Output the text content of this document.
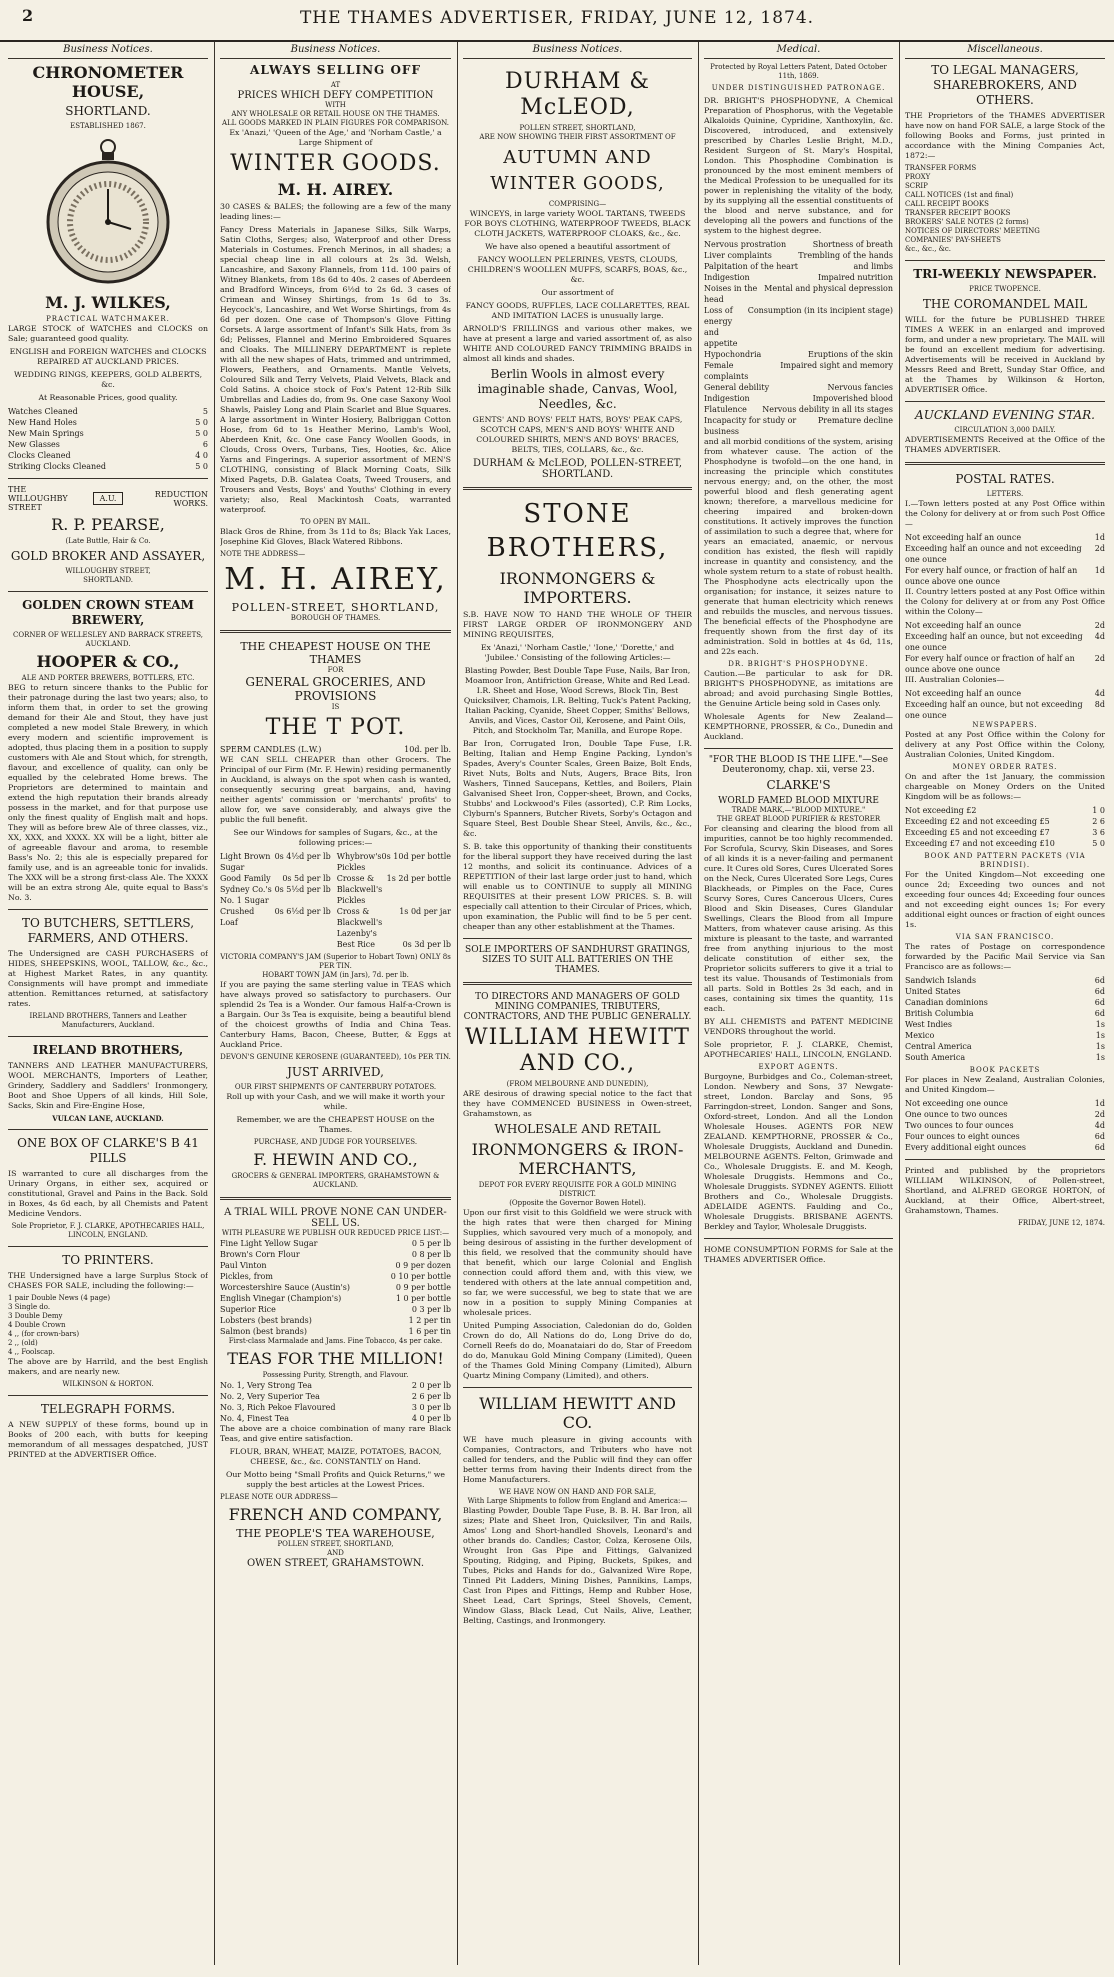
2	THE THAMES ADVERTISER, FRIDAY, JUNE 12, 1874.
Business Notices.
CHRONOMETER HOUSE,
SHORTLAND.
ESTABLISHED 1867.
M. J. WILKES,
PRACTICAL WATCHMAKER.

LARGE STOCK of WATCHES and CLOCKS on Sale; guaranteed good quality.

ENGLISH and FOREIGN WATCHES and CLOCKS REPAIRED AT AUCKLAND PRICES.

WEDDING RINGS, KEEPERS, GOLD ALBERTS, &c.

At Reasonable Prices, good quality.

Watches Cleaned	5
New Hand Holes	5 0
New Main Springs	5 0
New Glasses	6
Clocks Cleaned	4 0
Striking Clocks Cleaned	5 0
THE WILLOUGHBY STREET
A.U.	REDUCTION WORKS.
R. P. PEARSE,
(Late Buttle, Hair & Co.
GOLD BROKER AND ASSAYER,
WILLOUGHBY STREET,
SHORTLAND.
GOLDEN CROWN STEAM BREWERY,
CORNER OF WELLESLEY AND BARRACK STREETS, AUCKLAND.
HOOPER & CO.,
ALE AND PORTER BREWERS, BOTTLERS, ETC.

BEG to return sincere thanks to the Public for their patronage during the last two years; also, to inform them that, in order to set the growing demand for their Ale and Stout, they have just completed a new model Stale Brewery, in which every modern and scientific improvement is adopted, thus placing them in a position to supply customers with Ale and Stout which, for strength, flavour, and excellence of quality, can only be equalled by the celebrated Home brews. The Proprietors are determined to maintain and extend the high reputation their brands already possess in the market, and for that purpose use only the finest quality of English malt and hops. They will as before brew Ale of three classes, viz., XX, XXX, and XXXX. XX will be a light, bitter ale of agreeable flavour and aroma, to resemble Bass's No. 2; this ale is especially prepared for family use, and is an agreeable tonic for invalids. The XXX will be a strong first-class Ale. The XXXX will be an extra strong Ale, quite equal to Bass's No. 3.

TO BUTCHERS, SETTLERS, FARMERS, AND OTHERS.

The Undersigned are CASH PURCHASERS of HIDES, SHEEPSKINS, WOOL, TALLOW, &c., &c., at Highest Market Rates, in any quantity. Consignments will have prompt and immediate attention. Remittances returned, at satisfactory rates.

IRELAND BROTHERS, Tanners and Leather Manufacturers, Auckland.

IRELAND BROTHERS,

TANNERS AND LEATHER MANUFACTURERS, WOOL MERCHANTS, Importers of Leather, Grindery, Saddlery and Saddlers' Ironmongery, Boot and Shoe Uppers of all kinds, Hill Sole, Sacks, Skin and Fire-Engine Hose,

VULCAN LANE, AUCKLAND.
ONE BOX OF CLARKE'S B 41 PILLS

IS warranted to cure all discharges from the Urinary Organs, in either sex, acquired or constitutional, Gravel and Pains in the Back. Sold in Boxes, 4s 6d each, by all Chemists and Patent Medicine Vendors.

Sole Proprietor, F. J. CLARKE, APOTHECARIES HALL, LINCOLN, ENGLAND.

TO PRINTERS.

THE Undersigned have a large Surplus Stock of CHASES FOR SALE, including the following:—

1 pair Double News (4 page)
3 Single do.
3 Double Demy
4 Double Crown
4 ,, (for crown-bars)
2 ,, (old)
4 ,, Foolscap.

The above are by Harrild, and the best English makers, and are nearly new.

WILKINSON & HORTON.

TELEGRAPH FORMS.

A NEW SUPPLY of these forms, bound up in Books of 200 each, with butts for keeping memorandum of all messages despatched, JUST PRINTED at the ADVERTISER Office.

Business Notices.
ALWAYS SELLING OFF
AT
PRICES WHICH DEFY COMPETITION
WITH
ANY WHOLESALE OR RETAIL HOUSE ON THE THAMES.
ALL GOODS MARKED IN PLAIN FIGURES FOR COMPARISON.

Ex 'Anazi,' 'Queen of the Age,' and 'Norham Castle,' a Large Shipment of

WINTER GOODS.
M. H. AIREY.

30 CASES & BALES; the following are a few of the many leading lines:—

Fancy Dress Materials in Japanese Silks, Silk Warps, Satin Cloths, Serges; also, Waterproof and other Dress Materials in Costumes. French Merinos, in all shades; a special cheap line in all colours at 2s 3d. Welsh, Lancashire, and Saxony Flannels, from 11d. 100 pairs of Witney Blankets, from 18s 6d to 40s. 2 cases of Aberdeen and Bradford Winceys, from 6½d to 2s 6d. 3 cases of Crimean and Winsey Shirtings, from 1s 6d to 3s. Heycock's, Lancashire, and Wet Worse Shirtings, from 4s 6d per dozen. One case of Thompson's Glove Fitting Corsets. A large assortment of Infant's Silk Hats, from 3s 6d; Pelisses, Flannel and Merino Embroidered Squares and Cloaks. The MILLINERY DEPARTMENT is replete with all the new shapes of Hats, trimmed and untrimmed, Flowers, Feathers, and Ornaments. Mantle Velvets, Coloured Silk and Terry Velvets, Plaid Velvets, Black and Cold Satins. A choice stock of Fox's Patent 12-Rib Silk Umbrellas and Ladies do, from 9s. One case Saxony Wool Shawls, Paisley Long and Plain Scarlet and Blue Squares. A large assortment in Winter Hosiery, Balbriggan Cotton Hose, from 6d to 1s Heather Merino, Lamb's Wool, Aberdeen Knit, &c. One case Fancy Woollen Goods, in Clouds, Cross Overs, Turbans, Ties, Hooties, &c. Alice Yarns and Fingerings. A superior assortment of MEN'S CLOTHING, consisting of Black Morning Coats, Silk Mixed Pagets, D.B. Galatea Coats, Tweed Trousers, and Trousers and Vests, Boys' and Youths' Clothing in every variety; also, Real Mackintosh Coats, warranted waterproof.

TO OPEN BY MAIL.

Black Gros de Rhine, from 3s 11d to 8s; Black Yak Laces, Josephine Kid Gloves, Black Watered Ribbons.

NOTE THE ADDRESS—
M. H. AIREY,
POLLEN-STREET, SHORTLAND,
BOROUGH OF THAMES.
THE CHEAPEST HOUSE ON THE THAMES
FOR
GENERAL GROCERIES, AND PROVISIONS
IS
THE T POT.
SPERM CANDLES (L.W.)	10d. per lb.

WE CAN SELL CHEAPER than other Grocers. The Principal of our Firm (Mr. F. Hewin) residing permanently in Auckland, is always on the spot when cash is wanted, consequently securing great bargains, and, having neither agents' commission or 'merchants' profits' to allow for, we save considerably, and always give the public the full benefit.

See our Windows for samples of Sugars, &c., at the following prices:—

Light Brown Sugar
0s 4½d per lb
Good Family 0s 5d per lb
Sydney Co.'s No. 1 Sugar
0s 5½d per lb
Crushed Loaf
0s 6½d per lb
Whybrow's Pickles
0s 10d per bottle
Crosse & Blackwell's Pickles
1s 2d per bottle
Cross & Blackwell's Lazenby's
1s 0d per jar
Best Rice	0s 3d per lb
VICTORIA COMPANY'S JAM (Superior to Hobart Town) ONLY 8s PER TIN.
HOBART TOWN JAM (in Jars), 7d. per lb.

If you are paying the same sterling value in TEAS which have always proved so satisfactory to purchasers. Our splendid 2s Tea is a Wonder. Our famous Half-a-Crown is a Bargain. Our 3s Tea is exquisite, being a beautiful blend of the choicest growths of India and China Teas. Canterbury Hams, Bacon, Cheese, Butter, & Eggs at Auckland Price.

DEVON'S GENUINE KEROSENE (GUARANTEED), 10s PER TIN.
JUST ARRIVED,
OUR FIRST SHIPMENTS OF CANTERBURY POTATOES.

Roll up with your Cash, and we will make it worth your while.

Remember, we are the CHEAPEST HOUSE on the Thames.

PURCHASE, AND JUDGE FOR YOURSELVES.
F. HEWIN AND CO.,
GROCERS & GENERAL IMPORTERS, GRAHAMSTOWN & AUCKLAND.
A TRIAL WILL PROVE NONE CAN UNDER-SELL US.
WITH PLEASURE WE PUBLISH OUR REDUCED PRICE LIST:—
Fine Light Yellow Sugar	0 5 per lb
Brown's Corn Flour	0 8 per lb
Paul Vinton	0 9 per dozen
Pickles, from	0 10 per bottle
Worcestershire Sauce (Austin's)	0 9 per bottle
English Vinegar (Champion's)	1 0 per bottle
Superior Rice	0 3 per lb
Lobsters (best brands)	1 2 per tin
Salmon (best brands)	1 6 per tin
First-class Marmalade and Jams. Fine Tobacco, 4s per cake.
TEAS FOR THE MILLION!
Possessing Purity, Strength, and Flavour.
No. 1, Very Strong Tea	2 0 per lb
No. 2, Very Superior Tea	2 6 per lb
No. 3, Rich Pekoe Flavoured	3 0 per lb
No. 4, Finest Tea	4 0 per lb

The above are a choice combination of many rare Black Teas, and give entire satisfaction.

FLOUR, BRAN, WHEAT, MAIZE, POTATOES, BACON, CHEESE, &c., &c. CONSTANTLY on Hand.

Our Motto being "Small Profits and Quick Returns," we supply the best articles at the Lowest Prices.

PLEASE NOTE OUR ADDRESS—
FRENCH AND COMPANY,
THE PEOPLE'S TEA WAREHOUSE,
POLLEN STREET, SHORTLAND,
AND
OWEN STREET, GRAHAMSTOWN.
Business Notices.
DURHAM & McLEOD,
POLLEN STREET, SHORTLAND,
ARE NOW SHOWING THEIR FIRST ASSORTMENT OF
AUTUMN AND WINTER GOODS,
COMPRISING—

WINCEYS, in large variety WOOL TARTANS, TWEEDS FOR BOYS CLOTHING, WATERPROOF TWEEDS, BLACK CLOTH JACKETS, WATERPROOF CLOAKS, &c., &c.

We have also opened a beautiful assortment of

FANCY WOOLLEN PELERINES, VESTS, CLOUDS, CHILDREN'S WOOLLEN MUFFS, SCARFS, BOAS, &c., &c.

Our assortment of

FANCY GOODS, RUFFLES, LACE COLLARETTES, REAL AND IMITATION LACES is unusually large.

ARNOLD'S FRILLINGS and various other makes, we have at present a large and varied assortment of, as also WHITE AND COLOURED FANCY TRIMMING BRAIDS in almost all kinds and shades.

Berlin Wools in almost every imaginable shade, Canvas, Wool, Needles, &c.

GENTS' AND BOYS' FELT HATS, BOYS' PEAK CAPS, SCOTCH CAPS, MEN'S AND BOYS' WHITE AND COLOURED SHIRTS, MEN'S AND BOYS' BRACES, BELTS, TIES, COLLARS, &c., &c.

DURHAM & McLEOD, POLLEN-STREET, SHORTLAND.
STONE BROTHERS,
IRONMONGERS & IMPORTERS.

S.B. HAVE NOW TO HAND THE WHOLE OF THEIR FIRST LARGE ORDER OF IRONMONGERY AND MINING REQUISITES,

Ex 'Anazi,' 'Norham Castle,' 'Ione,' 'Dorette,' and 'Jubilee.' Consisting of the following Articles:—

Blasting Powder, Best Double Tape Fuse, Nails, Bar Iron, Moamoor Iron, Antifriction Grease, White and Red Lead. I.R. Sheet and Hose, Wood Screws, Block Tin, Best Quicksilver, Chamois, I.R. Belting, Tuck's Patent Packing, Italian Packing, Cyanide, Sheet Copper, Smiths' Bellows, Anvils, and Vices, Castor Oil, Kerosene, and Paint Oils, Pitch, and Stockholm Tar, Manilla, and Europe Rope.

Bar Iron, Corrugated Iron, Double Tape Fuse, I.R. Belting, Italian and Hemp Engine Packing, Lyndon's Spades, Avery's Counter Scales, Green Baize, Bolt Ends, Rivet Nuts, Bolts and Nuts, Augers, Brace Bits, Iron Washers, Tinned Saucepans, Kettles, and Boilers, Plain Galvanised Sheet Iron, Copper-sheet, Brown, and Cocks, Stubbs' and Lockwood's Files (assorted), C.P. Rim Locks, Clyburn's Spanners, Butcher Rivets, Sorby's Octagon and Square Steel, Best Double Shear Steel, Anvils, &c., &c., &c.

S. B. take this opportunity of thanking their constituents for the liberal support they have received during the last 12 months, and solicit its continuance. Advices of a REPETITION of their last large order just to hand, which will enable us to CONTINUE to supply all MINING REQUISITES at their present LOW PRICES. S. B. will especially call attention to their Circular of Prices, which, upon examination, the Public will find to be 5 per cent. cheaper than any other establishment at the Thames.

SOLE IMPORTERS OF SANDHURST GRATINGS, SIZES TO SUIT ALL BATTERIES ON THE THAMES.
TO DIRECTORS AND MANAGERS OF GOLD MINING COMPANIES, TRIBUTERS, CONTRACTORS, AND THE PUBLIC GENERALLY.
WILLIAM HEWITT AND CO.,
(FROM MELBOURNE AND DUNEDIN),

ARE desirous of drawing special notice to the fact that they have COMMENCED BUSINESS in Owen-street, Grahamstown, as

WHOLESALE AND RETAIL
IRONMONGERS & IRON-MERCHANTS,
DEPOT FOR EVERY REQUISITE FOR A GOLD MINING DISTRICT.
(Opposite the Governor Bowen Hotel).

Upon our first visit to this Goldfield we were struck with the high rates that were then charged for Mining Supplies, which savoured very much of a monopoly, and being desirous of assisting in the further development of this field, we resolved that the community should have that benefit, which our large Colonial and English connection could afford them and, with this view, we tendered with others at the late annual competition and, so far, we were successful, we beg to state that we are now in a position to supply Mining Companies at wholesale prices.

United Pumping Association, Caledonian do do, Golden Crown do do, All Nations do do, Long Drive do do, Cornell Reefs do do, Moanataiari do do, Star of Freedom do do, Manukau Gold Mining Company (Limited), Queen of the Thames Gold Mining Company (Limited), Alburn Quartz Mining Company (Limited), and others.

WILLIAM HEWITT AND CO.

WE have much pleasure in giving accounts with Companies, Contractors, and Tributers who have not called for tenders, and the Public will find they can offer better terms from having their Indents direct from the Home Manufacturers.

WE HAVE NOW ON HAND AND FOR SALE,
With Large Shipments to follow from England and America:—

Blasting Powder, Double Tape Fuse, B. B. H. Bar Iron, all sizes; Plate and Sheet Iron, Quicksilver, Tin and Rails, Amos' Long and Short-handled Shovels, Leonard's and other brands do. Candles; Castor, Colza, Kerosene Oils, Wrought Iron Gas Pipe and Fittings, Galvanized Spouting, Ridging, and Piping, Buckets, Spikes, and Tubes, Picks and Hands for do., Galvanized Wire Rope, Tinned Pit Ladders, Mining Dishes, Pannikins, Lamps, Cast Iron Pipes and Fittings, Hemp and Rubber Hose, Sheet Lead, Cart Springs, Steel Shovels, Cement, Window Glass, Black Lead, Cut Nails, Alive, Leather, Belting, Castings, and Ironmongery.

Medical.
Protected by Royal Letters Patent, Dated October 11th, 1869.
UNDER DISTINGUISHED PATRONAGE.

DR. BRIGHT'S PHOSPHODYNE, A Chemical Preparation of Phosphorus, with the Vegetable Alkaloids Quinine, Cypridine, Xanthoxylin, &c. Discovered, introduced, and extensively prescribed by Charles Leslie Bright, M.D., Resident Surgeon of St. Mary's Hospital, London. This Phosphodine Combination is pronounced by the most eminent members of the Medical Profession to be unequalled for its power in replenishing the vitality of the body, by its supplying all the essential constituents of the blood and nerve substance, and for developing all the powers and functions of the system to the highest degree.

Nervous prostration	Shortness of breath
Liver complaints	Trembling of the hands
Palpitation of the heart	and limbs
Indigestion	Impaired nutrition
Noises in the head
Mental and physical depression
Loss of energy and appetite
Consumption (in its incipient stage)
Hypochondria	Eruptions of the skin
Female complaints
Impaired sight and memory
General debility	Nervous fancies
Indigestion	Impoverished blood
Flatulence Nervous debility in all its stages
Incapacity for study or business
Premature decline

and all morbid conditions of the system, arising from whatever cause. The action of the Phosphodyne is twofold—on the one hand, in increasing the principle which constitutes nervous energy; and, on the other, the most powerful blood and flesh generating agent known; therefore, a marvellous medicine for cheering impaired and broken-down constitutions. It actively improves the function of assimilation to such a degree that, where for years an emaciated, anaemic, or nervous condition has existed, the flesh will rapidly increase in quantity and consistency, and the whole system return to a state of robust health. The Phosphodyne acts electrically upon the organisation; for instance, it seizes nature to generate that human electricity which renews and rebuilds the muscles, and nervous tissues. The beneficial effects of the Phosphodyne are frequently shown from the first day of its administration. Sold in bottles at 4s 6d, 11s, and 22s each.

DR. BRIGHT'S PHOSPHODYNE.

Caution.—Be particular to ask for DR. BRIGHT'S PHOSPHODYNE, as imitations are abroad; and avoid purchasing Single Bottles, the Genuine Article being sold in Cases only.

Wholesale Agents for New Zealand—KEMPTHORNE, PROSSER, & Co., Dunedin and Auckland.

"FOR THE BLOOD IS THE LIFE."—See Deuteronomy, chap. xii, verse 23.
CLARKE'S
WORLD FAMED BLOOD MIXTURE
TRADE MARK,—"BLOOD MIXTURE."
THE GREAT BLOOD PURIFIER & RESTORER

For cleansing and clearing the blood from all impurities, cannot be too highly recommended. For Scrofula, Scurvy, Skin Diseases, and Sores of all kinds it is a never-failing and permanent cure. It Cures old Sores, Cures Ulcerated Sores on the Neck, Cures Ulcerated Sore Legs, Cures Blackheads, or Pimples on the Face, Cures Scurvy Sores, Cures Cancerous Ulcers, Cures Blood and Skin Diseases, Cures Glandular Swellings, Clears the Blood from all Impure Matters, from whatever cause arising. As this mixture is pleasant to the taste, and warranted free from anything injurious to the most delicate constitution of either sex, the Proprietor solicits sufferers to give it a trial to test its value. Thousands of Testimonials from all parts. Sold in Bottles 2s 3d each, and in cases, containing six times the quantity, 11s each.

BY ALL CHEMISTS and PATENT MEDICINE VENDORS throughout the world.

Sole proprietor, F. J. CLARKE, Chemist, APOTHECARIES' HALL, LINCOLN, ENGLAND.

EXPORT AGENTS.

Burgoyne, Burbidges and Co., Coleman-street, London. Newbery and Sons, 37 Newgate-street, London. Barclay and Sons, 95 Farringdon-street, London. Sanger and Sons, Oxford-street, London. And all the London Wholesale Houses. AGENTS FOR NEW ZEALAND. KEMPTHORNE, PROSSER & Co., Wholesale Druggists, Auckland and Dunedin. MELBOURNE AGENTS. Felton, Grimwade and Co., Wholesale Druggists. E. and M. Keogh, Wholesale Druggists. Hemmons and Co., Wholesale Druggists. SYDNEY AGENTS. Elliott Brothers and Co., Wholesale Druggists. ADELAIDE AGENTS. Faulding and Co., Wholesale Druggists. BRISBANE AGENTS. Berkley and Taylor, Wholesale Druggists.

HOME CONSUMPTION FORMS for Sale at the THAMES ADVERTISER Office.

Miscellaneous.
TO LEGAL MANAGERS, SHAREBROKERS, AND OTHERS.

THE Proprietors of the THAMES ADVERTISER have now on hand FOR SALE, a large Stock of the following Books and Forms, just printed in accordance with the Mining Companies Act, 1872:—

TRANSFER FORMS
PROXY
SCRIP
CALL NOTICES (1st and final)
CALL RECEIPT BOOKS
TRANSFER RECEIPT BOOKS
BROKERS' SALE NOTES (2 forms)
NOTICES OF DIRECTORS' MEETING
COMPANIES' PAY-SHEETS
&c., &c., &c.
TRI-WEEKLY NEWSPAPER.
PRICE TWOPENCE.
THE COROMANDEL MAIL

WILL for the future be PUBLISHED THREE TIMES A WEEK in an enlarged and improved form, and under a new proprietary. The MAIL will be found an excellent medium for advertising. Advertisements will be received in Auckland by Messrs Reed and Brett, Sunday Star Office, and at the Thames by Wilkinson & Horton, ADVERTISER Office.

AUCKLAND EVENING STAR.
CIRCULATION 3,000 DAILY.

ADVERTISEMENTS Received at the Office of the THAMES ADVERTISER.

POSTAL RATES.
LETTERS.

I.—Town letters posted at any Post Office within the Colony for delivery at or from such Post Office—

Not exceeding half an ounce	1d
Exceeding half an ounce and not exceeding one ounce
2d
For every half ounce, or fraction of half an ounce above one ounce
1d

II. Country letters posted at any Post Office within the Colony for delivery at or from any Post Office within the Colony—

Not exceeding half an ounce	2d
Exceeding half an ounce, but not exceeding one ounce
4d
For every half ounce or fraction of half an ounce above one ounce
2d

III. Australian Colonies—

Not exceeding half an ounce	4d
Exceeding half an ounce, but not exceeding one ounce
8d
NEWSPAPERS.

Posted at any Post Office within the Colony for delivery at any Post Office within the Colony, Australian Colonies, United Kingdom.

MONEY ORDER RATES.

On and after the 1st January, the commission chargeable on Money Orders on the United Kingdom will be as follows:—

Not exceeding £2	1 0
Exceeding £2 and not exceeding £5	2 6
Exceeding £5 and not exceeding £7	3 6
Exceeding £7 and not exceeding £10	5 0
BOOK AND PATTERN PACKETS (VIA BRINDISI).

For the United Kingdom—Not exceeding one ounce 2d; Exceeding two ounces and not exceeding four ounces 4d; Exceeding four ounces and not exceeding eight ounces 1s; For every additional eight ounces or fraction of eight ounces 1s.

VIA SAN FRANCISCO.

The rates of Postage on correspondence forwarded by the Pacific Mail Service via San Francisco are as follows:—

Sandwich Islands	6d
United States	6d
Canadian dominions	6d
British Columbia	6d
West Indies	1s
Mexico	1s
Central America	1s
South America	1s
BOOK PACKETS

For places in New Zealand, Australian Colonies, and United Kingdom—

Not exceeding one ounce	1d
One ounce to two ounces	2d
Two ounces to four ounces	4d
Four ounces to eight ounces	6d
Every additional eight ounces	6d

Printed and published by the proprietors WILLIAM WILKINSON, of Pollen-street, Shortland, and ALFRED GEORGE HORTON, of Auckland, at their Office, Albert-street, Grahamstown, Thames.

FRIDAY, JUNE 12, 1874.
